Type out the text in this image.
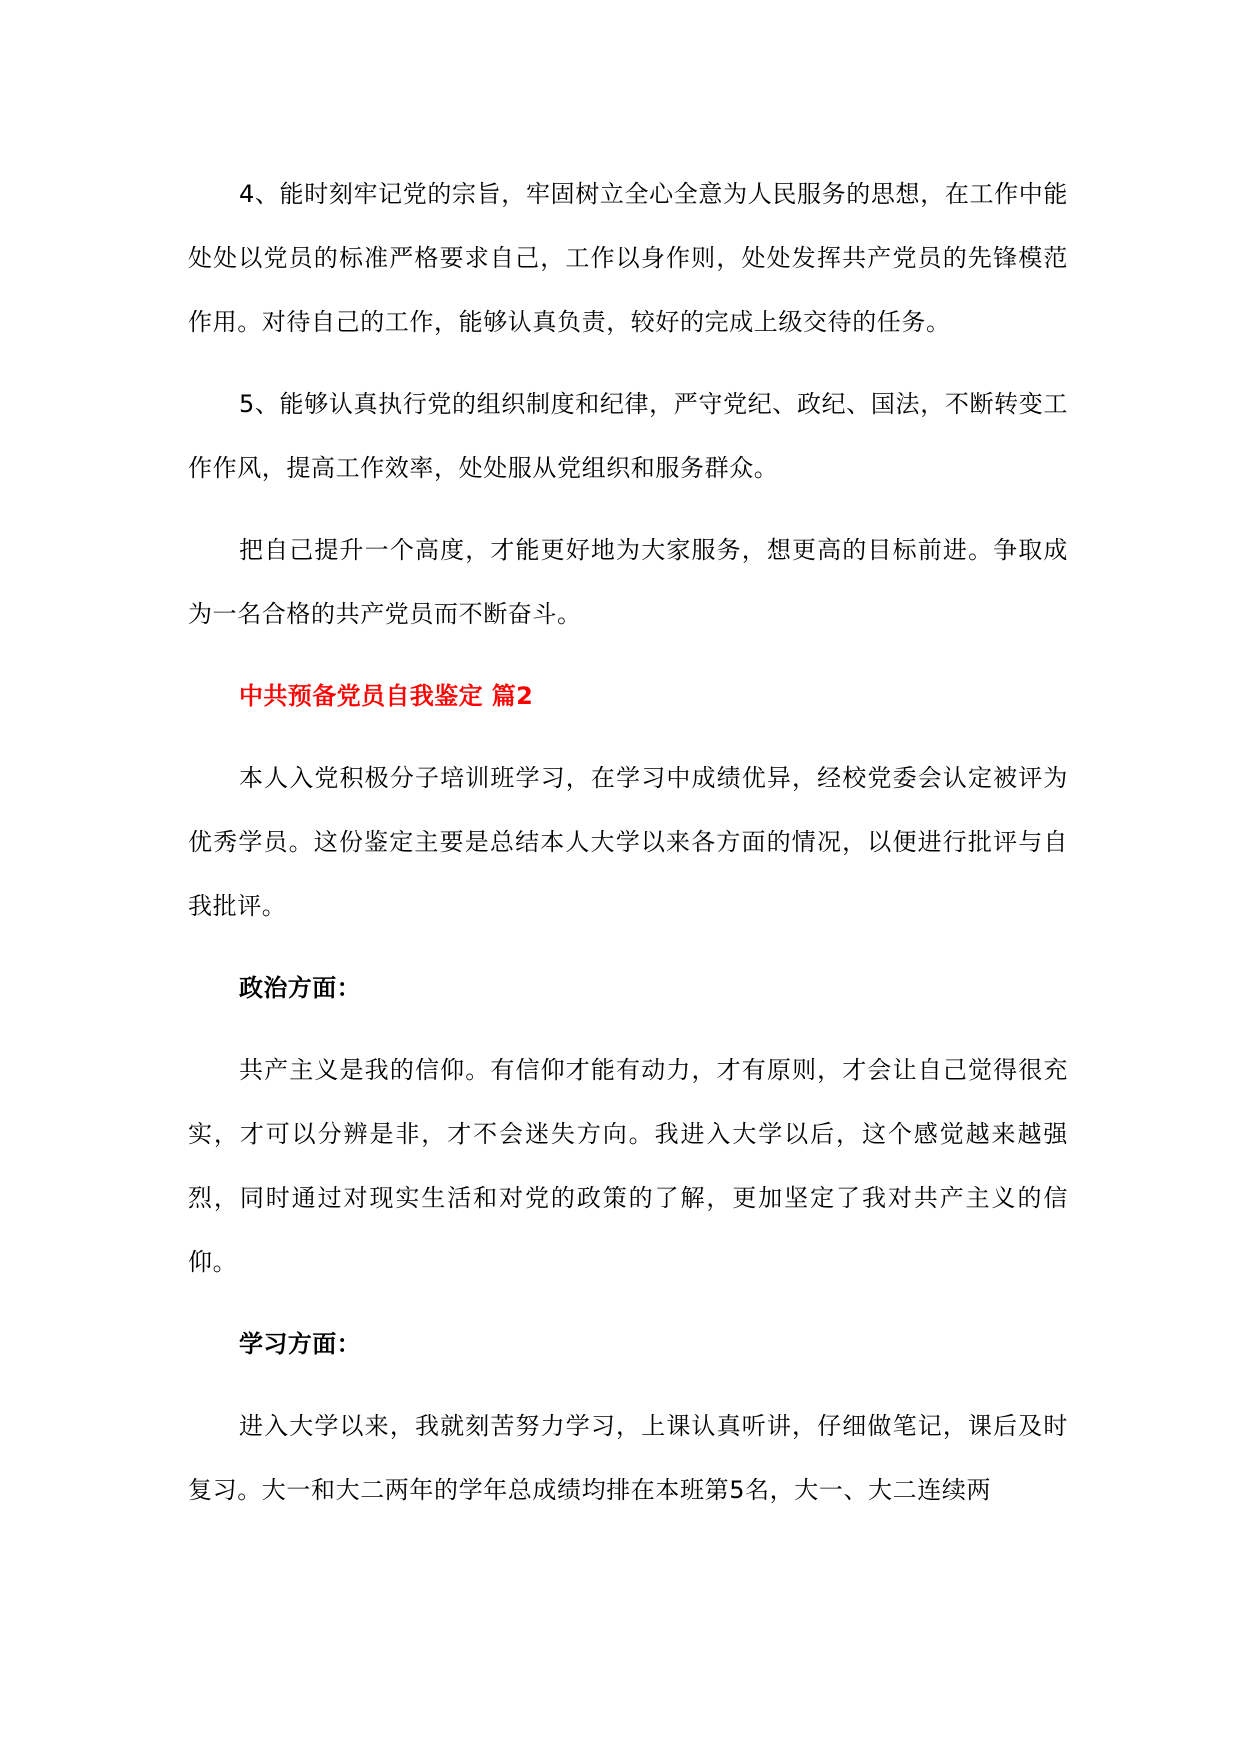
4、能时刻牢记党的宗旨，牢固树立全心全意为人民服务的思想，在工作中能处处以党员的标准严格要求自己，工作以身作则，处处发挥共产党员的先锋模范作用。对待自己的工作，能够认真负责，较好的完成上级交待的任务。

5、能够认真执行党的组织制度和纪律，严守党纪、政纪、国法，不断转变工作作风，提高工作效率，处处服从党组织和服务群众。

把自己提升一个高度，才能更好地为大家服务，想更高的目标前进。争取成为一名合格的共产党员而不断奋斗。

中共预备党员自我鉴定 篇2

本人入党积极分子培训班学习，在学习中成绩优异，经校党委会认定被评为优秀学员。这份鉴定主要是总结本人大学以来各方面的情况，以便进行批评与自我批评。

政治方面：

共产主义是我的信仰。有信仰才能有动力，才有原则，才会让自己觉得很充实，才可以分辨是非，才不会迷失方向。我进入大学以后，这个感觉越来越强烈，同时通过对现实生活和对党的政策的了解，更加坚定了我对共产主义的信仰。

学习方面：

进入大学以来，我就刻苦努力学习，上课认真听讲，仔细做笔记，课后及时复习。大一和大二两年的学年总成绩均排在本班第5名，大一、大二连续两
